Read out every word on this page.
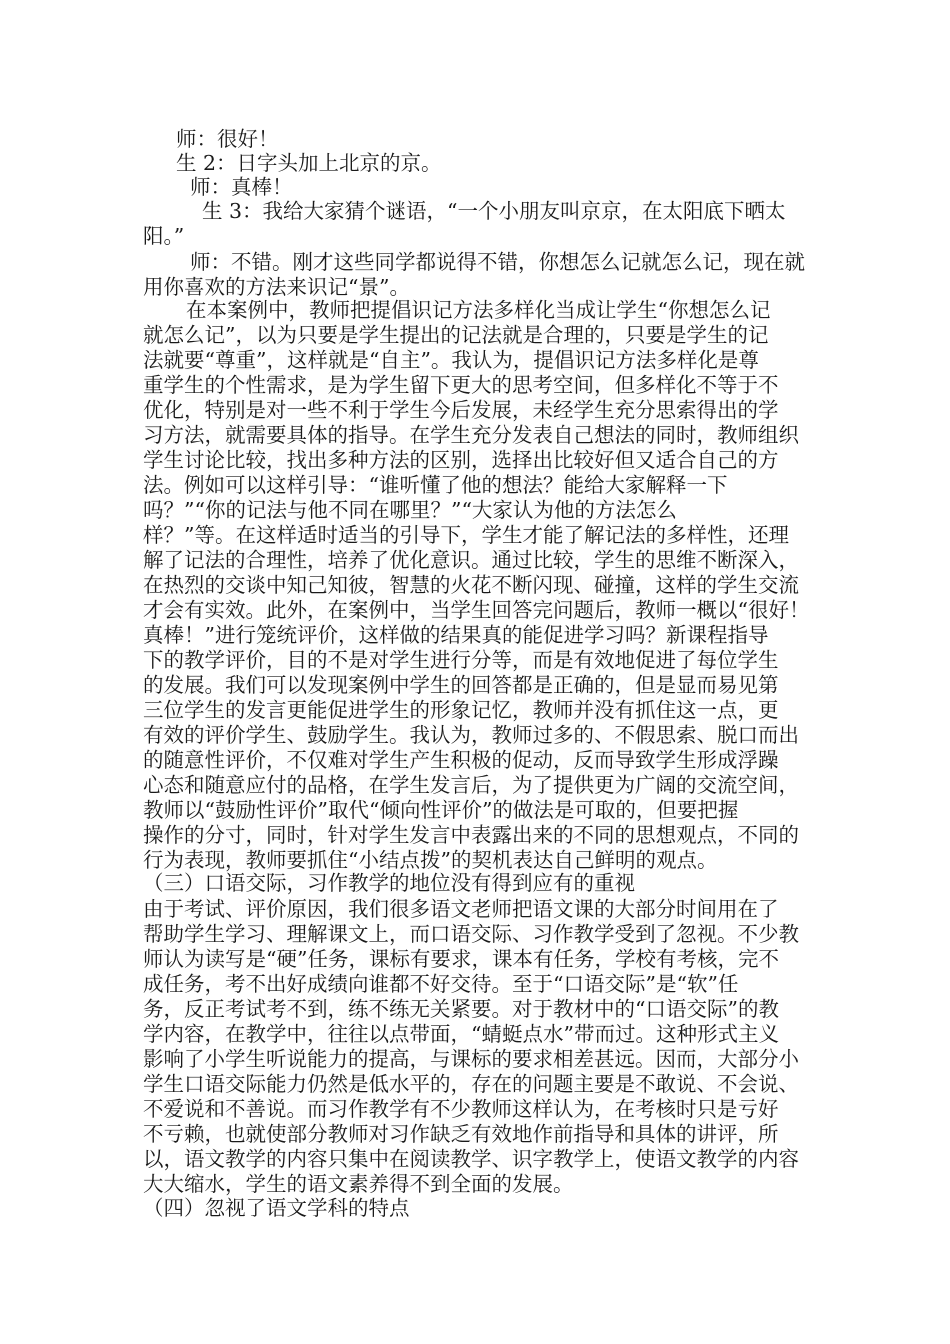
师：很好！
生 2：日字头加上北京的京。
师：真棒！
生 3：我给大家猜个谜语，“一个小朋友叫京京，在太阳底下晒太
阳。”
师：不错。刚才这些同学都说得不错，你想怎么记就怎么记，现在就
用你喜欢的方法来识记“景”。
在本案例中，教师把提倡识记方法多样化当成让学生“你想怎么记
就怎么记”，以为只要是学生提出的记法就是合理的，只要是学生的记
法就要“尊重”，这样就是“自主”。我认为，提倡识记方法多样化是尊
重学生的个性需求，是为学生留下更大的思考空间，但多样化不等于不
优化，特别是对一些不利于学生今后发展，未经学生充分思索得出的学
习方法，就需要具体的指导。在学生充分发表自己想法的同时，教师组织
学生讨论比较，找出多种方法的区别，选择出比较好但又适合自己的方
法。例如可以这样引导：“谁听懂了他的想法？能给大家解释一下
吗？”“你的记法与他不同在哪里？”“大家认为他的方法怎么
样？”等。在这样适时适当的引导下，学生才能了解记法的多样性，还理
解了记法的合理性，培养了优化意识。通过比较，学生的思维不断深入，
在热烈的交谈中知己知彼，智慧的火花不断闪现、碰撞，这样的学生交流
才会有实效。此外，在案例中，当学生回答完问题后，教师一概以“很好！
真棒！”进行笼统评价，这样做的结果真的能促进学习吗？新课程指导
下的教学评价，目的不是对学生进行分等，而是有效地促进了每位学生
的发展。我们可以发现案例中学生的回答都是正确的，但是显而易见第
三位学生的发言更能促进学生的形象记忆，教师并没有抓住这一点，更
有效的评价学生、鼓励学生。我认为，教师过多的、不假思索、脱口而出
的随意性评价，不仅难对学生产生积极的促动，反而导致学生形成浮躁
心态和随意应付的品格，在学生发言后，为了提供更为广阔的交流空间，
教师以“鼓励性评价”取代“倾向性评价”的做法是可取的，但要把握
操作的分寸，同时，针对学生发言中表露出来的不同的思想观点，不同的
行为表现，教师要抓住“小结点拨”的契机表达自己鲜明的观点。
（三）口语交际，习作教学的地位没有得到应有的重视
由于考试、评价原因，我们很多语文老师把语文课的大部分时间用在了
帮助学生学习、理解课文上，而口语交际、习作教学受到了忽视。不少教
师认为读写是“硬”任务，课标有要求，课本有任务，学校有考核，完不
成任务，考不出好成绩向谁都不好交待。至于“口语交际”是“软”任
务，反正考试考不到，练不练无关紧要。对于教材中的“口语交际”的教
学内容，在教学中，往往以点带面，“蜻蜓点水”带而过。这种形式主义
影响了小学生听说能力的提高，与课标的要求相差甚远。因而，大部分小
学生口语交际能力仍然是低水平的，存在的问题主要是不敢说、不会说、
不爱说和不善说。而习作教学有不少教师这样认为，在考核时只是亏好
不亏赖，也就使部分教师对习作缺乏有效地作前指导和具体的讲评，所
以，语文教学的内容只集中在阅读教学、识字教学上，使语文教学的内容
大大缩水，学生的语文素养得不到全面的发展。
（四）忽视了语文学科的特点
